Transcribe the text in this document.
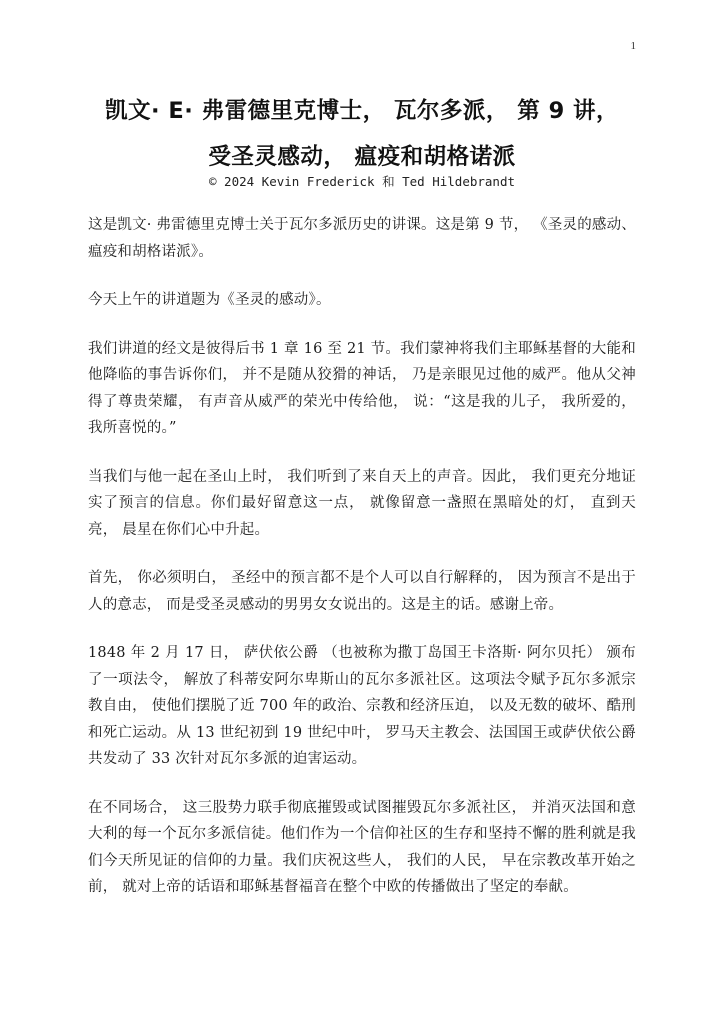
1
凯文· E· 弗雷德里克博士， 瓦尔多派， 第 9 讲，
受圣灵感动， 瘟疫和胡格诺派
© 2024 Kevin Frederick 和 Ted Hildebrandt

这是凯文· 弗雷德里克博士关于瓦尔多派历史的讲课。这是第 9 节， 《圣灵的感动、瘟疫和胡格诺派》。

今天上午的讲道题为《圣灵的感动》。

我们讲道的经文是彼得后书 1 章 16 至 21 节。我们蒙神将我们主耶稣基督的大能和他降临的事告诉你们， 并不是随从狡猾的神话， 乃是亲眼见过他的威严。他从父神得了尊贵荣耀， 有声音从威严的荣光中传给他， 说：“这是我的儿子， 我所爱的， 我所喜悦的。”

当我们与他一起在圣山上时， 我们听到了来自天上的声音。因此， 我们更充分地证实了预言的信息。你们最好留意这一点， 就像留意一盏照在黑暗处的灯， 直到天亮， 晨星在你们心中升起。

首先， 你必须明白， 圣经中的预言都不是个人可以自行解释的， 因为预言不是出于人的意志， 而是受圣灵感动的男男女女说出的。这是主的话。感谢上帝。

1848 年 2 月 17 日， 萨伏依公爵 （也被称为撒丁岛国王卡洛斯· 阿尔贝托） 颁布了一项法令， 解放了科蒂安阿尔卑斯山的瓦尔多派社区。这项法令赋予瓦尔多派宗教自由， 使他们摆脱了近 700 年的政治、宗教和经济压迫， 以及无数的破坏、酷刑和死亡运动。从 13 世纪初到 19 世纪中叶， 罗马天主教会、法国国王或萨伏依公爵共发动了 33 次针对瓦尔多派的迫害运动。

在不同场合， 这三股势力联手彻底摧毁或试图摧毁瓦尔多派社区， 并消灭法国和意大利的每一个瓦尔多派信徒。他们作为一个信仰社区的生存和坚持不懈的胜利就是我们今天所见证的信仰的力量。我们庆祝这些人， 我们的人民， 早在宗教改革开始之前， 就对上帝的话语和耶稣基督福音在整个中欧的传播做出了坚定的奉献。
